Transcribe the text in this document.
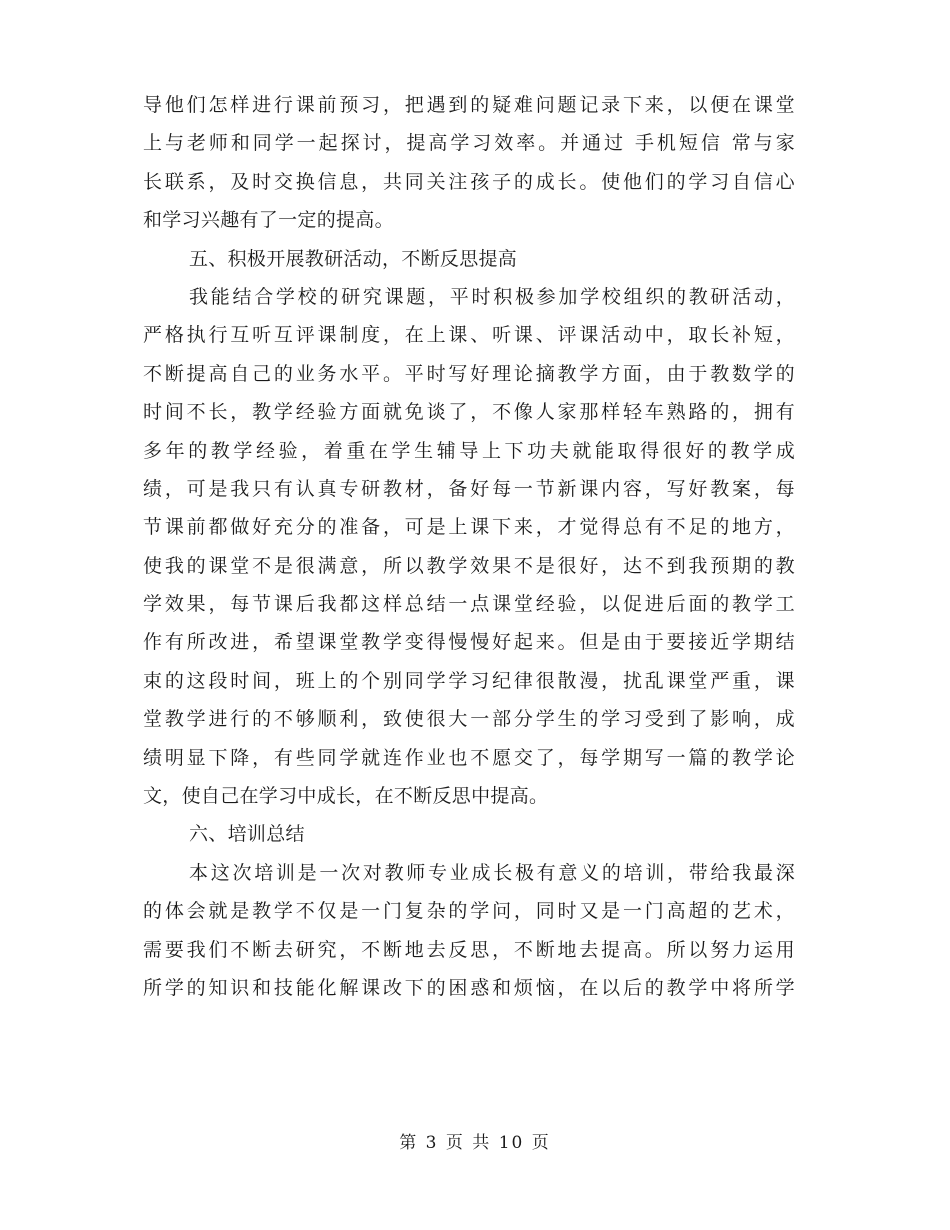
导他们怎样进行课前预习，把遇到的疑难问题记录下来，以便在课堂
上与老师和同学一起探讨，提高学习效率。并通过 手机短信 常与家
长联系，及时交换信息，共同关注孩子的成长。使他们的学习自信心
和学习兴趣有了一定的提高。
五、积极开展教研活动，不断反思提高
我能结合学校的研究课题，平时积极参加学校组织的教研活动，
严格执行互听互评课制度，在上课、听课、评课活动中，取长补短，
不断提高自己的业务水平。平时写好理论摘教学方面，由于教数学的
时间不长，教学经验方面就免谈了，不像人家那样轻车熟路的，拥有
多年的教学经验，着重在学生辅导上下功夫就能取得很好的教学成
绩，可是我只有认真专研教材，备好每一节新课内容，写好教案，每
节课前都做好充分的准备，可是上课下来，才觉得总有不足的地方，
使我的课堂不是很满意，所以教学效果不是很好，达不到我预期的教
学效果，每节课后我都这样总结一点课堂经验，以促进后面的教学工
作有所改进，希望课堂教学变得慢慢好起来。但是由于要接近学期结
束的这段时间，班上的个别同学学习纪律很散漫，扰乱课堂严重，课
堂教学进行的不够顺利，致使很大一部分学生的学习受到了影响，成
绩明显下降，有些同学就连作业也不愿交了，每学期写一篇的教学论
文，使自己在学习中成长，在不断反思中提高。
六、培训总结
本这次培训是一次对教师专业成长极有意义的培训，带给我最深
的体会就是教学不仅是一门复杂的学问，同时又是一门高超的艺术，
需要我们不断去研究，不断地去反思，不断地去提高。所以努力运用
所学的知识和技能化解课改下的困惑和烦恼，在以后的教学中将所学
第 3 页 共 10 页
